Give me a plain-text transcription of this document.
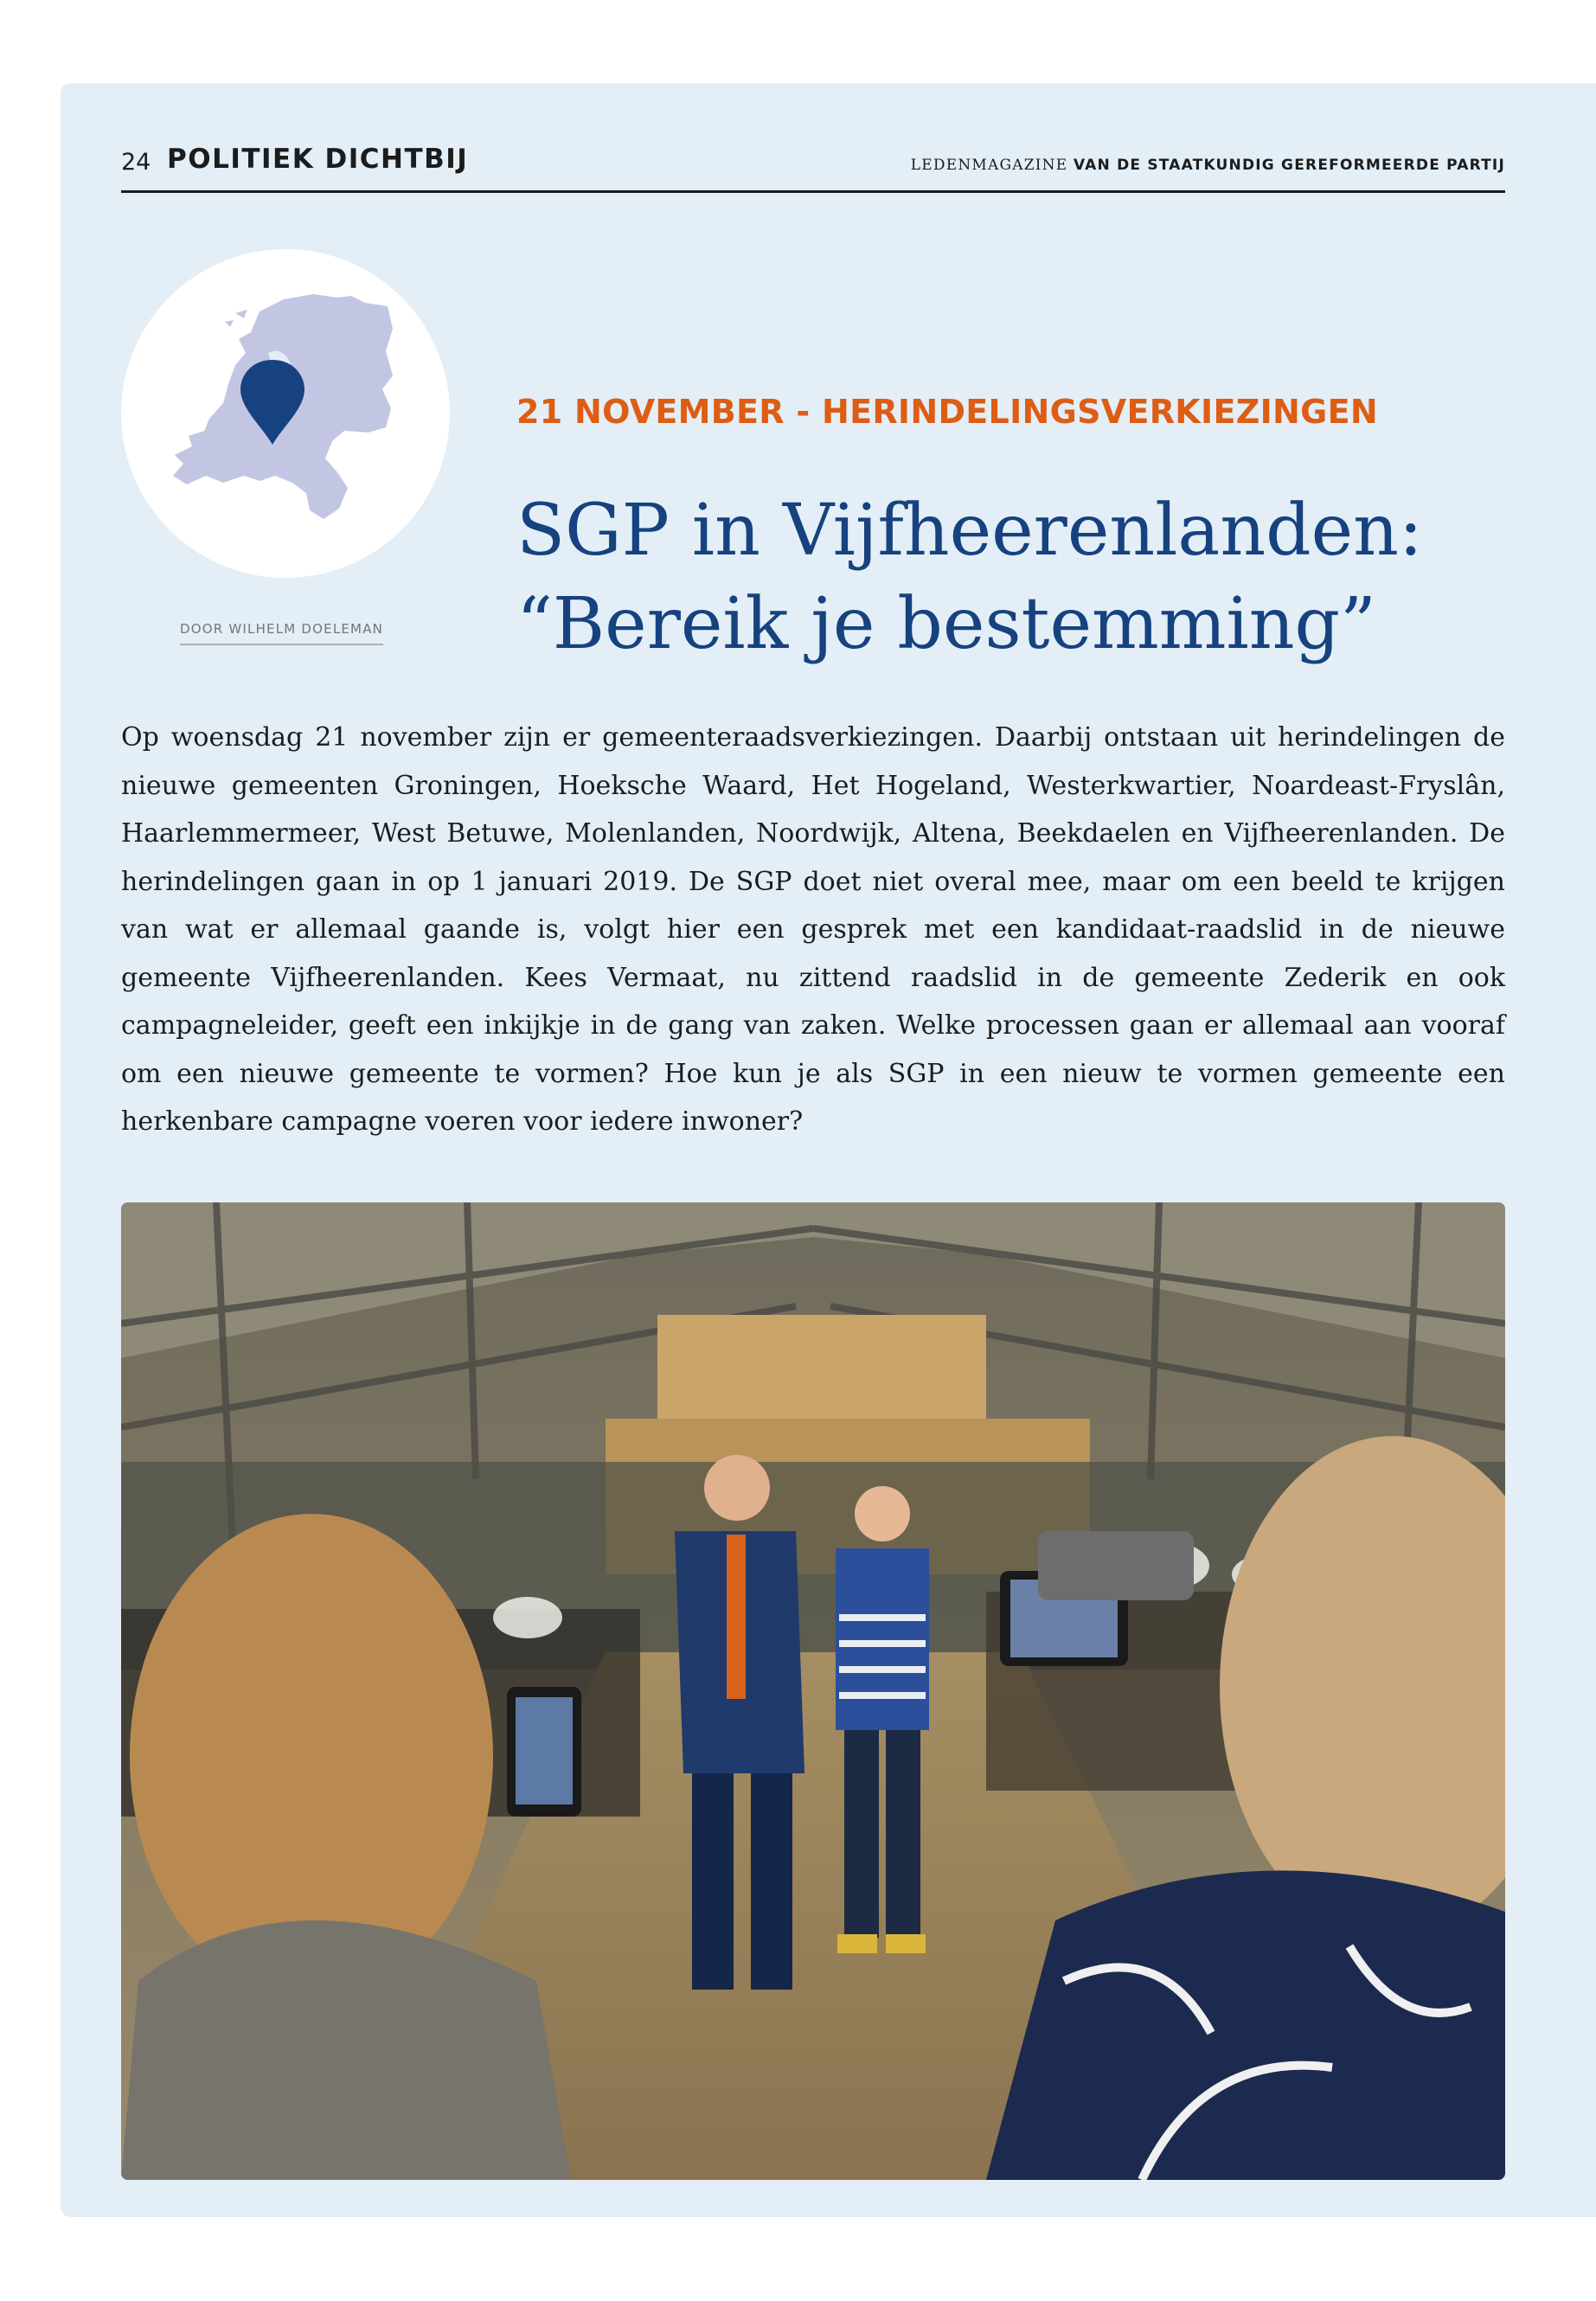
24 POLITIEK DICHTBIJ	LEDENMAGAZINE VAN DE STAATKUNDIG GEREFORMEERDE PARTIJ
DOOR WILHELM DOELEMAN
21 NOVEMBER - HERINDELINGSVERKIEZINGEN
SGP in Vijfheerenlanden:
“Bereik je bestemming”
Op woensdag 21 november zijn er gemeenteraadsverkiezingen. Daarbij ontstaan uit herindelingen de nieuwe gemeenten Groningen, Hoeksche Waard, Het Hogeland, Westerkwartier, Noardeast-Fryslân, Haarlemmermeer, West Betuwe, Molenlanden, Noordwijk, Altena, Beekdaelen en Vijfheerenlanden. De herindelingen gaan in op 1 januari 2019. De SGP doet niet overal mee, maar om een beeld te krijgen van wat er allemaal gaande is, volgt hier een gesprek met een kandidaat-raadslid in de nieuwe gemeente Vijfheerenlanden. Kees Vermaat, nu zittend raadslid in de gemeente Zederik en ook campagneleider, geeft een inkijkje in de gang van zaken. Welke processen gaan er allemaal aan vooraf om een nieuwe gemeente te vormen? Hoe kun je als SGP in een nieuw te vormen gemeente een herkenbare campagne voeren voor iedere inwoner?
